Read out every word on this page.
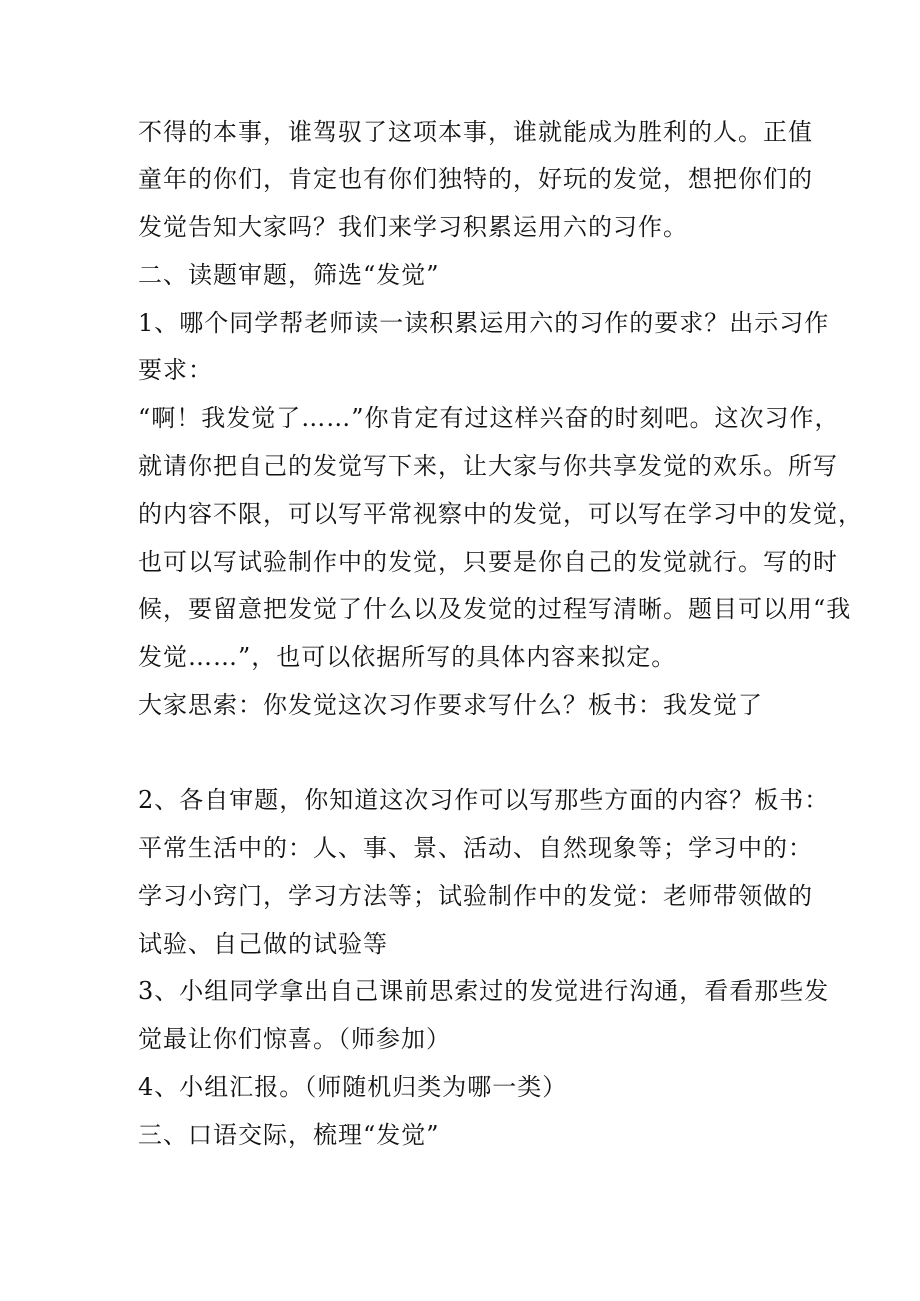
不得的本事，谁驾驭了这项本事，谁就能成为胜利的人。正值
童年的你们，肯定也有你们独特的，好玩的发觉，想把你们的
发觉告知大家吗？我们来学习积累运用六的习作。
二、读题审题，筛选“发觉”
1、哪个同学帮老师读一读积累运用六的习作的要求？出示习作
要求：
“啊！我发觉了……”你肯定有过这样兴奋的时刻吧。这次习作，
就请你把自己的发觉写下来，让大家与你共享发觉的欢乐。所写
的内容不限，可以写平常视察中的发觉，可以写在学习中的发觉，
也可以写试验制作中的发觉，只要是你自己的发觉就行。写的时
候，要留意把发觉了什么以及发觉的过程写清晰。题目可以用“我
发觉……”，也可以依据所写的具体内容来拟定。
大家思索：你发觉这次习作要求写什么？板书：我发觉了
2、各自审题，你知道这次习作可以写那些方面的内容？板书：
平常生活中的：人、事、景、活动、自然现象等；学习中的：
学习小窍门，学习方法等；试验制作中的发觉：老师带领做的
试验、自己做的试验等
3、小组同学拿出自己课前思索过的发觉进行沟通，看看那些发
觉最让你们惊喜。（师参加）
4、小组汇报。（师随机归类为哪一类）
三、口语交际，梳理“发觉”
